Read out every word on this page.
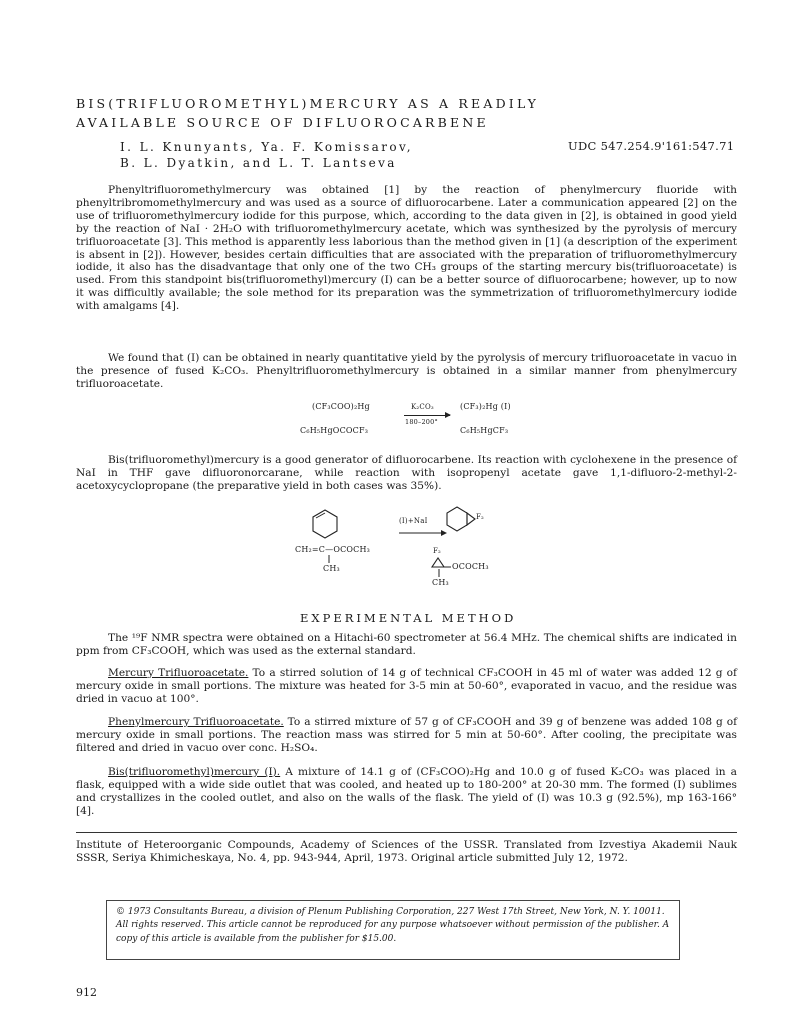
BIS(TRIFLUOROMETHYL)MERCURY AS A READILY
AVAILABLE SOURCE OF DIFLUOROCARBENE
I. L. Knunyants, Ya. F. Komissarov,
B. L. Dyatkin, and L. T. Lantseva
UDC 547.254.9'161:547.71
Phenyltrifluoromethylmercury was obtained [1] by the reaction of phenylmercury fluoride with phenyltribromomethylmercury and was used as a source of difluorocarbene. Later a communication appeared [2] on the use of trifluoromethylmercury iodide for this purpose, which, according to the data given in [2], is obtained in good yield by the reaction of NaI · 2H₂O with trifluoromethylmercury acetate, which was synthesized by the pyrolysis of mercury trifluoroacetate [3]. This method is apparently less laborious than the method given in [1] (a description of the experiment is absent in [2]). However, besides certain difficulties that are associated with the preparation of trifluoromethylmercury iodide, it also has the disadvantage that only one of the two CH₃ groups of the starting mercury bis(trifluoroacetate) is used. From this standpoint bis(trifluoromethyl)mercury (I) can be a better source of difluorocarbene; however, up to now it was difficultly available; the sole method for its preparation was the symmetrization of trifluoromethylmercury iodide with amalgams [4].
We found that (I) can be obtained in nearly quantitative yield by the pyrolysis of mercury trifluoroacetate in vacuo in the presence of fused K₂CO₃. Phenyltrifluoromethylmercury is obtained in a similar manner from phenylmercury trifluoroacetate.
(CF₃COO)₂Hg	K₂CO₃
180–200°
(CF₃)₂Hg (I)
C₆H₅HgOCOCF₃	C₆H₅HgCF₃
Bis(trifluoromethyl)mercury is a good generator of difluorocarbene. Its reaction with cyclohexene in the presence of NaI in THF gave difluoronorcarane, while reaction with isopropenyl acetate gave 1,1-difluoro-2-methyl-2-acetoxycyclopropane (the preparative yield in both cases was 35%).
(I)+NaI	F₂
CH₂=C—OCOCH₃
CH₃
F₂
OCOCH₃
CH₃
EXPERIMENTAL METHOD
The ¹⁹F NMR spectra were obtained on a Hitachi-60 spectrometer at 56.4 MHz. The chemical shifts are indicated in ppm from CF₃COOH, which was used as the external standard.
Mercury Trifluoroacetate. To a stirred solution of 14 g of technical CF₃COOH in 45 ml of water was added 12 g of mercury oxide in small portions. The mixture was heated for 3-5 min at 50-60°, evaporated in vacuo, and the residue was dried in vacuo at 100°.
Phenylmercury Trifluoroacetate. To a stirred mixture of 57 g of CF₃COOH and 39 g of benzene was added 108 g of mercury oxide in small portions. The reaction mass was stirred for 5 min at 50-60°. After cooling, the precipitate was filtered and dried in vacuo over conc. H₂SO₄.
Bis(trifluoromethyl)mercury (I). A mixture of 14.1 g of (CF₃COO)₂Hg and 10.0 g of fused K₂CO₃ was placed in a flask, equipped with a wide side outlet that was cooled, and heated up to 180-200° at 20-30 mm. The formed (I) sublimes and crystallizes in the cooled outlet, and also on the walls of the flask. The yield of (I) was 10.3 g (92.5%), mp 163-166° [4].
Institute of Heteroorganic Compounds, Academy of Sciences of the USSR. Translated from Izvestiya Akademii Nauk SSSR, Seriya Khimicheskaya, No. 4, pp. 943-944, April, 1973. Original article submitted July 12, 1972.
© 1973 Consultants Bureau, a division of Plenum Publishing Corporation, 227 West 17th Street, New York, N. Y. 10011. All rights reserved. This article cannot be reproduced for any purpose whatsoever without permission of the publisher. A copy of this article is available from the publisher for $15.00.
912
